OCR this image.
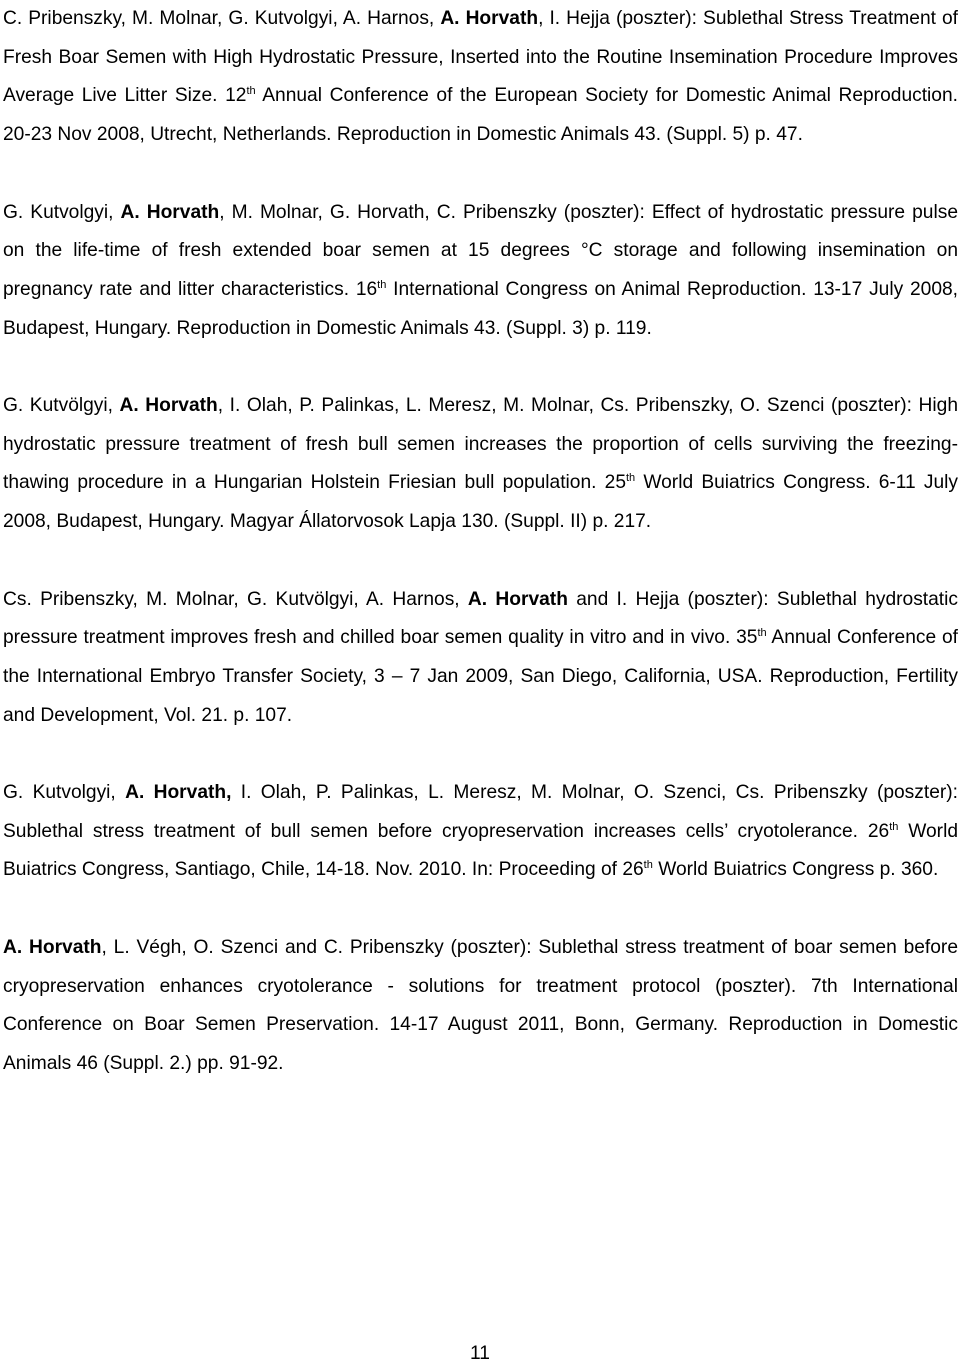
C. Pribenszky, M. Molnar, G. Kutvolgyi, A. Harnos, A. Horvath, I. Hejja (poszter): Sublethal Stress Treatment of Fresh Boar Semen with High Hydrostatic Pressure, Inserted into the Routine Insemination Procedure Improves Average Live Litter Size. 12th Annual Conference of the European Society for Domestic Animal Reproduction. 20-23 Nov 2008, Utrecht, Netherlands. Reproduction in Domestic Animals 43. (Suppl. 5) p. 47.

G. Kutvolgyi, A. Horvath, M. Molnar, G. Horvath, C. Pribenszky (poszter): Effect of hydrostatic pressure pulse on the life-time of fresh extended boar semen at 15 degrees °C storage and following insemination on pregnancy rate and litter characteristics. 16th International Congress on Animal Reproduction. 13-17 July 2008, Budapest, Hungary. Reproduction in Domestic Animals 43. (Suppl. 3) p. 119.

G. Kutvölgyi, A. Horvath, I. Olah, P. Palinkas, L. Meresz, M. Molnar, Cs. Pribenszky, O. Szenci (poszter): High hydrostatic pressure treatment of fresh bull semen increases the proportion of cells surviving the freezing-thawing procedure in a Hungarian Holstein Friesian bull population. 25th World Buiatrics Congress. 6-11 July 2008, Budapest, Hungary. Magyar Állatorvosok Lapja 130. (Suppl. II) p. 217.

Cs. Pribenszky, M. Molnar, G. Kutvölgyi, A. Harnos, A. Horvath and I. Hejja (poszter): Sublethal hydrostatic pressure treatment improves fresh and chilled boar semen quality in vitro and in vivo. 35th Annual Conference of the International Embryo Transfer Society, 3 – 7 Jan 2009, San Diego, California, USA. Reproduction, Fertility and Development, Vol. 21. p. 107.

G. Kutvolgyi, A. Horvath, I. Olah, P. Palinkas, L. Meresz, M. Molnar, O. Szenci, Cs. Pribenszky (poszter): Sublethal stress treatment of bull semen before cryopreservation increases cells’ cryotolerance. 26th World Buiatrics Congress, Santiago, Chile, 14-18. Nov. 2010. In: Proceeding of 26th World Buiatrics Congress p. 360.

A. Horvath, L. Végh, O. Szenci and C. Pribenszky (poszter): Sublethal stress treatment of boar semen before cryopreservation enhances cryotolerance - solutions for treatment protocol (poszter). 7th International Conference on Boar Semen Preservation. 14-17 August 2011, Bonn, Germany. Reproduction in Domestic Animals 46 (Suppl. 2.) pp. 91-92.

11
